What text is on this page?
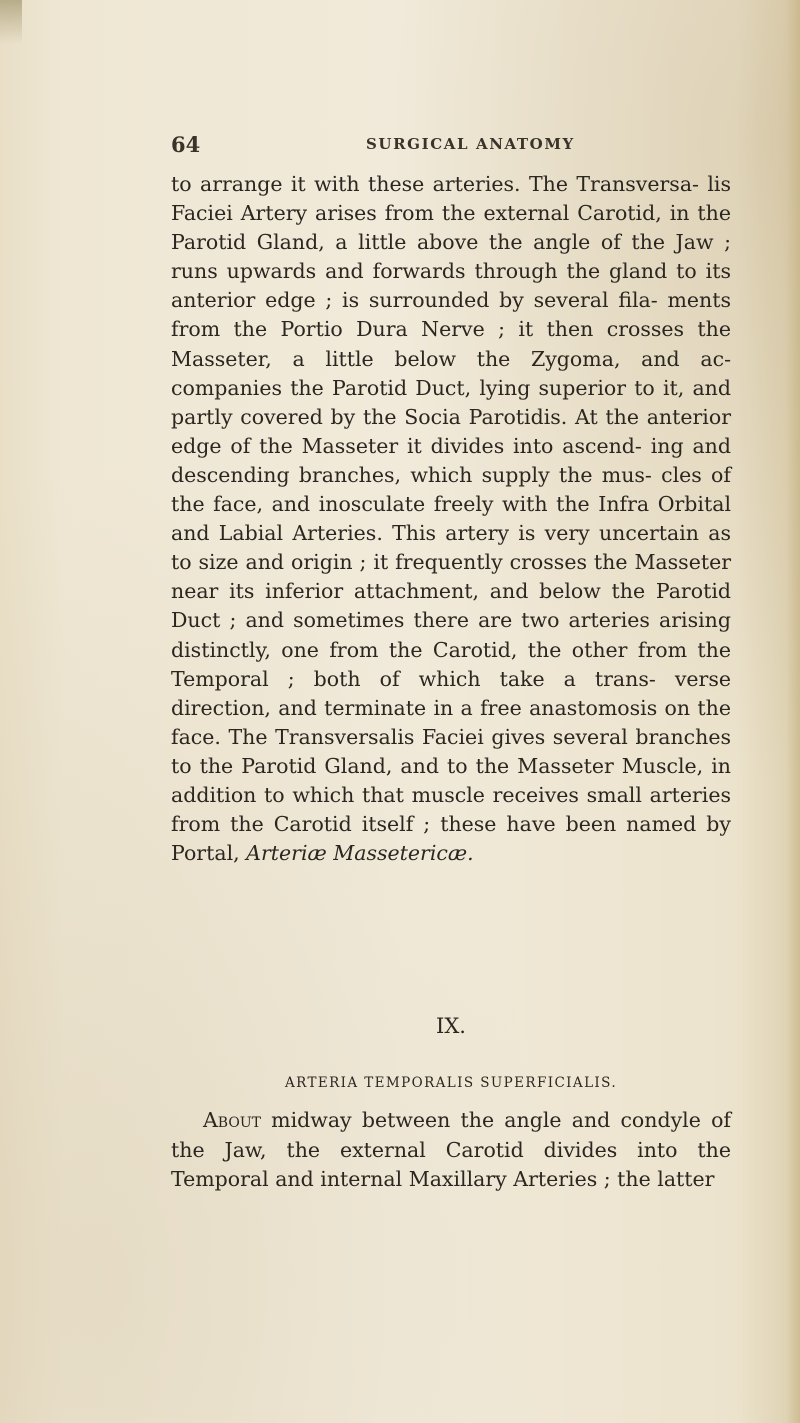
64	SURGICAL ANATOMY

to arrange it with these arteries. The Transversa- lis Faciei Artery arises from the external Carotid, in the Parotid Gland, a little above the angle of the Jaw ; runs upwards and forwards through the gland to its anterior edge ; is surrounded by several fila- ments from the Portio Dura Nerve ; it then crosses the Masseter, a little below the Zygoma, and ac- companies the Parotid Duct, lying superior to it, and partly covered by the Socia Parotidis. At the anterior edge of the Masseter it divides into ascend- ing and descending branches, which supply the mus- cles of the face, and inosculate freely with the Infra Orbital and Labial Arteries. This artery is very uncertain as to size and origin ; it frequently crosses the Masseter near its inferior attachment, and below the Parotid Duct ; and sometimes there are two arteries arising distinctly, one from the Carotid, the other from the Temporal ; both of which take a trans- verse direction, and terminate in a free anastomosis on the face. The Transversalis Faciei gives several branches to the Parotid Gland, and to the Masseter Muscle, in addition to which that muscle receives small arteries from the Carotid itself ; these have been named by Portal, Arteriæ Massetericæ.

IX.
ARTERIA TEMPORALIS SUPERFICIALIS.

About midway between the angle and condyle of the Jaw, the external Carotid divides into the Temporal and internal Maxillary Arteries ; the latter
